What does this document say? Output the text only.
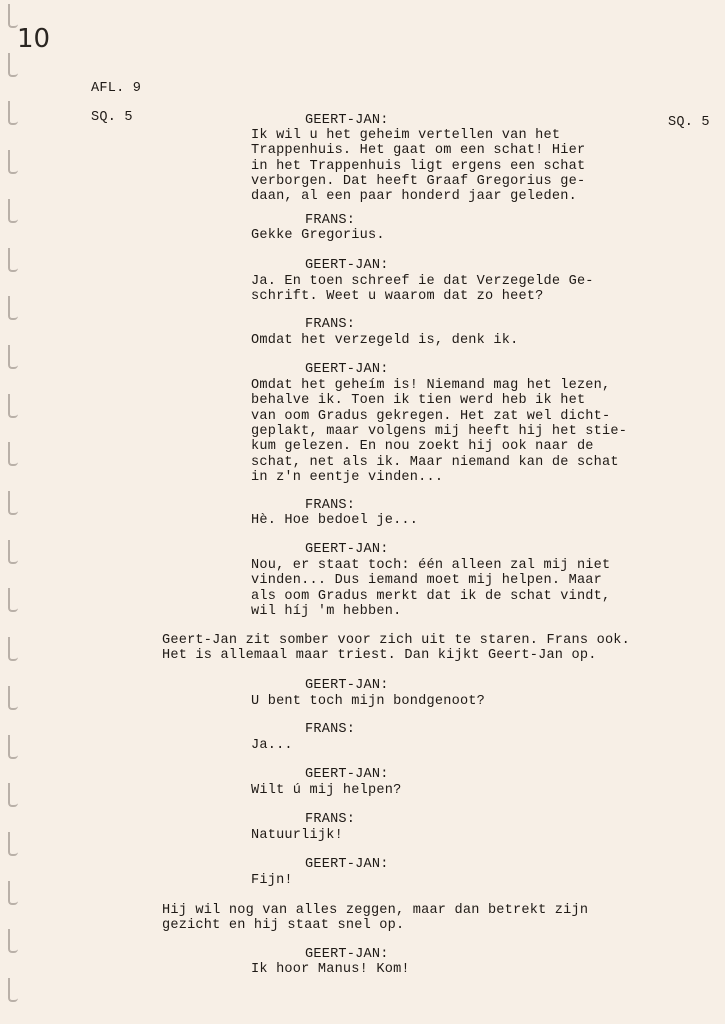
10
AFL. 9
SQ. 5	SQ. 5
GEERT-JAN:
Ik wil u het geheim vertellen van het
Trappenhuis. Het gaat om een schat! Hier
in het Trappenhuis ligt ergens een schat
verborgen. Dat heeft Graaf Gregorius ge-
daan, al een paar honderd jaar geleden.
FRANS:
Gekke Gregorius.
GEERT-JAN:
Ja. En toen schreef ie dat Verzegelde Ge-
schrift. Weet u waarom dat zo heet?
FRANS:
Omdat het verzegeld is, denk ik.
GEERT-JAN:
Omdat het geheím is! Niemand mag het lezen,
behalve ik. Toen ik tien werd heb ik het
van oom Gradus gekregen. Het zat wel dicht-
geplakt, maar volgens mij heeft hij het stie-
kum gelezen. En nou zoekt hij ook naar de
schat, net als ik. Maar niemand kan de schat
in z'n eentje vinden...
FRANS:
Hè. Hoe bedoel je...
GEERT-JAN:
Nou, er staat toch: één alleen zal mij niet
vinden... Dus iemand moet mij helpen. Maar
als oom Gradus merkt dat ik de schat vindt,
wil híj 'm hebben.
Geert-Jan zit somber voor zich uit te staren. Frans ook.
Het is allemaal maar triest. Dan kijkt Geert-Jan op.
GEERT-JAN:
U bent toch mijn bondgenoot?
FRANS:
Ja...
GEERT-JAN:
Wilt ú mij helpen?
FRANS:
Natuurlijk!
GEERT-JAN:
Fijn!
Hij wil nog van alles zeggen, maar dan betrekt zijn
gezicht en hij staat snel op.
GEERT-JAN:
Ik hoor Manus! Kom!
